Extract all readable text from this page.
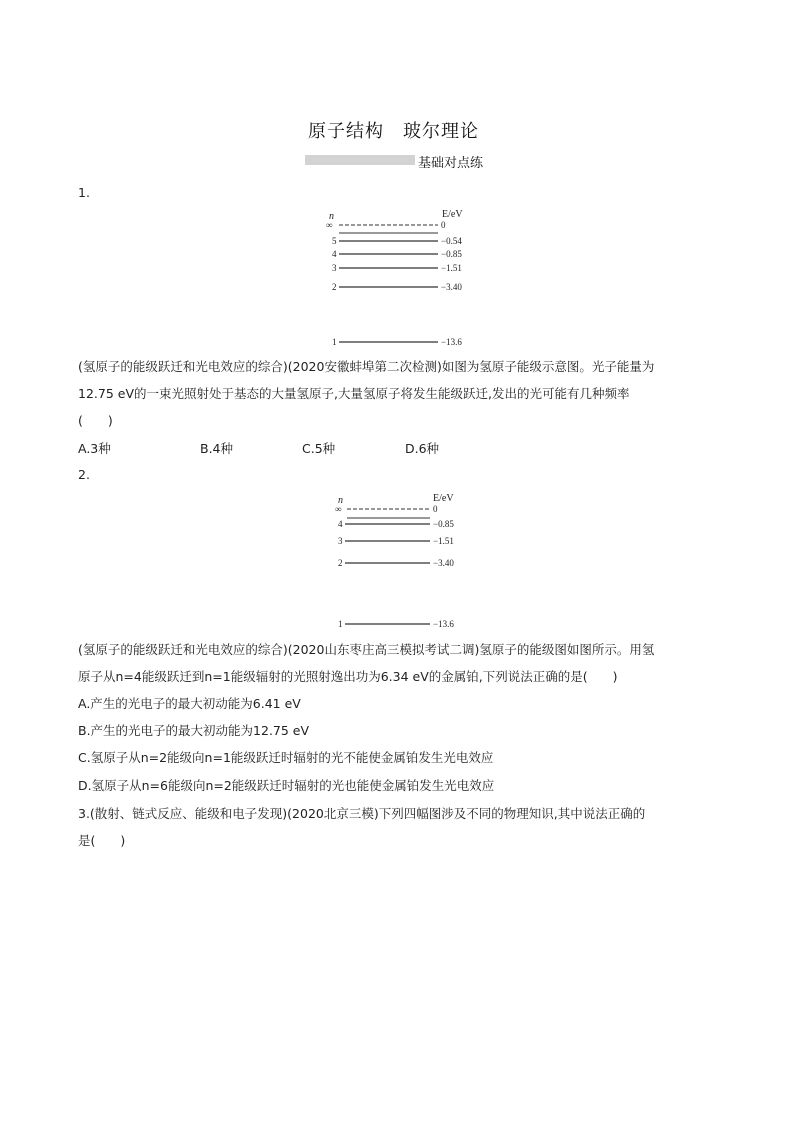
原子结构　玻尔理论
基础对点练
1.
n	E/eV
∞	0
5	−0.54
4	−0.85
3	−1.51
2	−3.40
1	−13.6
(氢原子的能级跃迁和光电效应的综合)(2020安徽蚌埠第二次检测)如图为氢原子能级示意图。光子能量为
12.75 eV的一束光照射处于基态的大量氢原子,大量氢原子将发生能级跃迁,发出的光可能有几种频率
(　　)
A.3种	B.4种	C.5种	D.6种
2.
n	E/eV
∞	0
4	−0.85
3	−1.51
2	−3.40
1	−13.6
(氢原子的能级跃迁和光电效应的综合)(2020山东枣庄高三模拟考试二调)氢原子的能级图如图所示。用氢
原子从n=4能级跃迁到n=1能级辐射的光照射逸出功为6.34 eV的金属铂,下列说法正确的是(　　)
A.产生的光电子的最大初动能为6.41 eV
B.产生的光电子的最大初动能为12.75 eV
C.氢原子从n=2能级向n=1能级跃迁时辐射的光不能使金属铂发生光电效应
D.氢原子从n=6能级向n=2能级跃迁时辐射的光也能使金属铂发生光电效应
3.(散射、链式反应、能级和电子发现)(2020北京三模)下列四幅图涉及不同的物理知识,其中说法正确的
是(　　)
